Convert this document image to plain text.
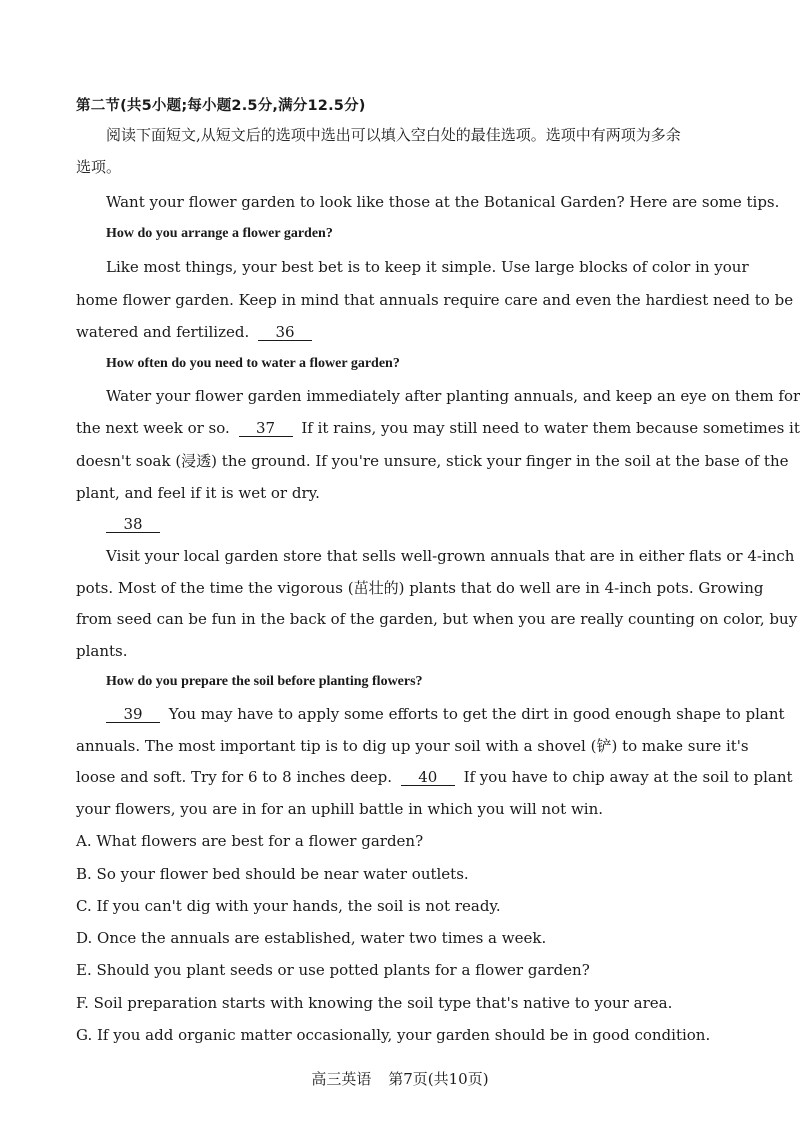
第二节(共5小题;每小题2.5分,满分12.5分)
阅读下面短文,从短文后的选项中选出可以填入空白处的最佳选项。选项中有两项为多余
选项。
Want your flower garden to look like those at the Botanical Garden? Here are some tips.
How do you arrange a flower garden?
Like most things, your best bet is to keep it simple. Use large blocks of color in your
home flower garden. Keep in mind that annuals require care and even the hardiest need to be
watered and fertilized. 36
How often do you need to water a flower garden?
Water your flower garden immediately after planting annuals, and keep an eye on them for
the next week or so. 37 If it rains, you may still need to water them because sometimes it
doesn't soak (浸透) the ground. If you're unsure, stick your finger in the soil at the base of the
plant, and feel if it is wet or dry.
38
Visit your local garden store that sells well-grown annuals that are in either flats or 4-inch
pots. Most of the time the vigorous (茁壮的) plants that do well are in 4-inch pots. Growing
from seed can be fun in the back of the garden, but when you are really counting on color, buy
plants.
How do you prepare the soil before planting flowers?
39 You may have to apply some efforts to get the dirt in good enough shape to plant
annuals. The most important tip is to dig up your soil with a shovel (铲) to make sure it's
loose and soft. Try for 6 to 8 inches deep. 40 If you have to chip away at the soil to plant
your flowers, you are in for an uphill battle in which you will not win.
A. What flowers are best for a flower garden?
B. So your flower bed should be near water outlets.
C. If you can't dig with your hands, the soil is not ready.
D. Once the annuals are established, water two times a week.
E. Should you plant seeds or use potted plants for a flower garden?
F. Soil preparation starts with knowing the soil type that's native to your area.
G. If you add organic matter occasionally, your garden should be in good condition.
高三英语 第7页(共10页)
